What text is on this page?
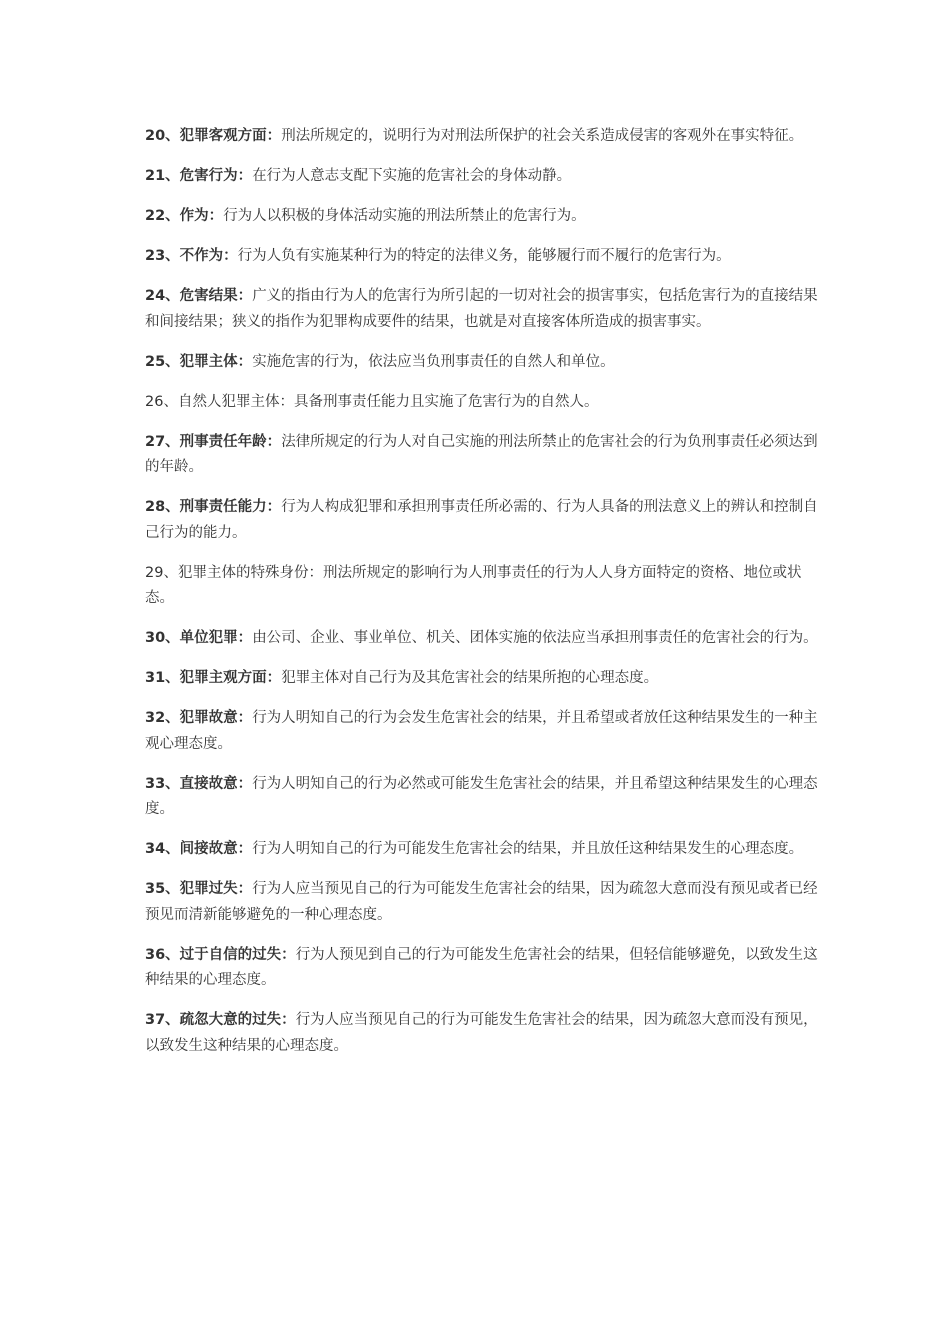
20、犯罪客观方面：刑法所规定的，说明行为对刑法所保护的社会关系造成侵害的客观外在事实特征。

21、危害行为：在行为人意志支配下实施的危害社会的身体动静。

22、作为：行为人以积极的身体活动实施的刑法所禁止的危害行为。

23、不作为：行为人负有实施某种行为的特定的法律义务，能够履行而不履行的危害行为。

24、危害结果：广义的指由行为人的危害行为所引起的一切对社会的损害事实，包括危害行为的直接结果和间接结果；狭义的指作为犯罪构成要件的结果，也就是对直接客体所造成的损害事实。

25、犯罪主体：实施危害的行为，依法应当负刑事责任的自然人和单位。

26、自然人犯罪主体：具备刑事责任能力且实施了危害行为的自然人。

27、刑事责任年龄：法律所规定的行为人对自己实施的刑法所禁止的危害社会的行为负刑事责任必须达到的年龄。

28、刑事责任能力：行为人构成犯罪和承担刑事责任所必需的、行为人具备的刑法意义上的辨认和控制自己行为的能力。

29、犯罪主体的特殊身份：刑法所规定的影响行为人刑事责任的行为人人身方面特定的资格、地位或状态。

30、单位犯罪：由公司、企业、事业单位、机关、团体实施的依法应当承担刑事责任的危害社会的行为。

31、犯罪主观方面：犯罪主体对自己行为及其危害社会的结果所抱的心理态度。

32、犯罪故意：行为人明知自己的行为会发生危害社会的结果，并且希望或者放任这种结果发生的一种主观心理态度。

33、直接故意：行为人明知自己的行为必然或可能发生危害社会的结果，并且希望这种结果发生的心理态度。

34、间接故意：行为人明知自己的行为可能发生危害社会的结果，并且放任这种结果发生的心理态度。

35、犯罪过失：行为人应当预见自己的行为可能发生危害社会的结果，因为疏忽大意而没有预见或者已经预见而清新能够避免的一种心理态度。

36、过于自信的过失：行为人预见到自己的行为可能发生危害社会的结果，但轻信能够避免，以致发生这种结果的心理态度。

37、疏忽大意的过失：行为人应当预见自己的行为可能发生危害社会的结果，因为疏忽大意而没有预见，以致发生这种结果的心理态度。
